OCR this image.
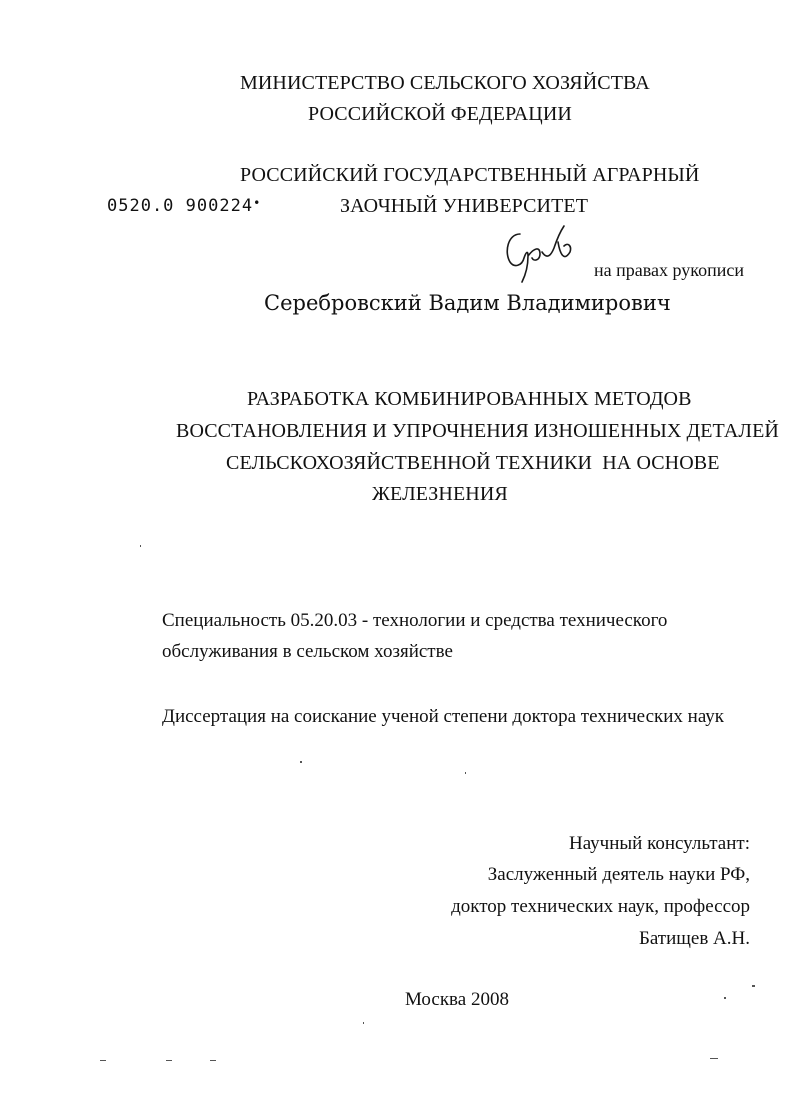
МИНИСТЕРСТВО СЕЛЬСКОГО ХОЗЯЙСТВА
РОССИЙСКОЙ ФЕДЕРАЦИИ
РОССИЙСКИЙ ГОСУДАРСТВЕННЫЙ АГРАРНЫЙ
ЗАОЧНЫЙ УНИВЕРСИТЕТ
0520.0 900224•
на правах рукописи
Серебровский Вадим Владимирович
РАЗРАБОТКА КОМБИНИРОВАННЫХ МЕТОДОВ
ВОССТАНОВЛЕНИЯ И УПРОЧНЕНИЯ ИЗНОШЕННЫХ ДЕТАЛЕЙ
СЕЛЬСКОХОЗЯЙСТВЕННОЙ ТЕХНИКИ  НА ОСНОВЕ
ЖЕЛЕЗНЕНИЯ
Специальность 05.20.03 - технологии и средства технического
обслуживания в сельском хозяйстве
Диссертация на соискание ученой степени доктора технических наук
Научный консультант:
Заслуженный деятель науки РФ,
доктор технических наук, профессор
Батищев А.Н.
Москва 2008
